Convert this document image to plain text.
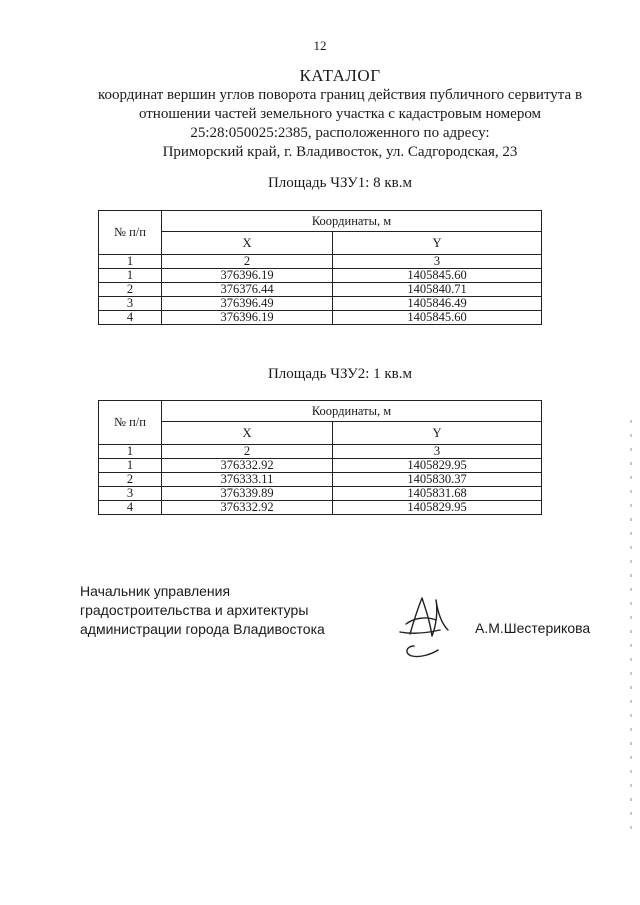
12
КАТАЛОГ
координат вершин углов поворота границ действия публичного сервитута в
отношении частей земельного участка с кадастровым номером
25:28:050025:2385, расположенного по адресу:
Приморский край, г. Владивосток, ул. Садгородская, 23
Площадь ЧЗУ1: 8 кв.м
№ п/п	Координаты, м	
	X	Y
1	2	3
1	376396.19	1405845.60
2	376376.44	1405840.71
3	376396.49	1405846.49
4	376396.19	1405845.60
Площадь ЧЗУ2: 1 кв.м
№ п/п	Координаты, м	
	X	Y
1	2	3
1	376332.92	1405829.95
2	376333.11	1405830.37
3	376339.89	1405831.68
4	376332.92	1405829.95
Начальник управления
градостроительства и архитектуры
администрации города Владивостока	А.М.Шестерикова
